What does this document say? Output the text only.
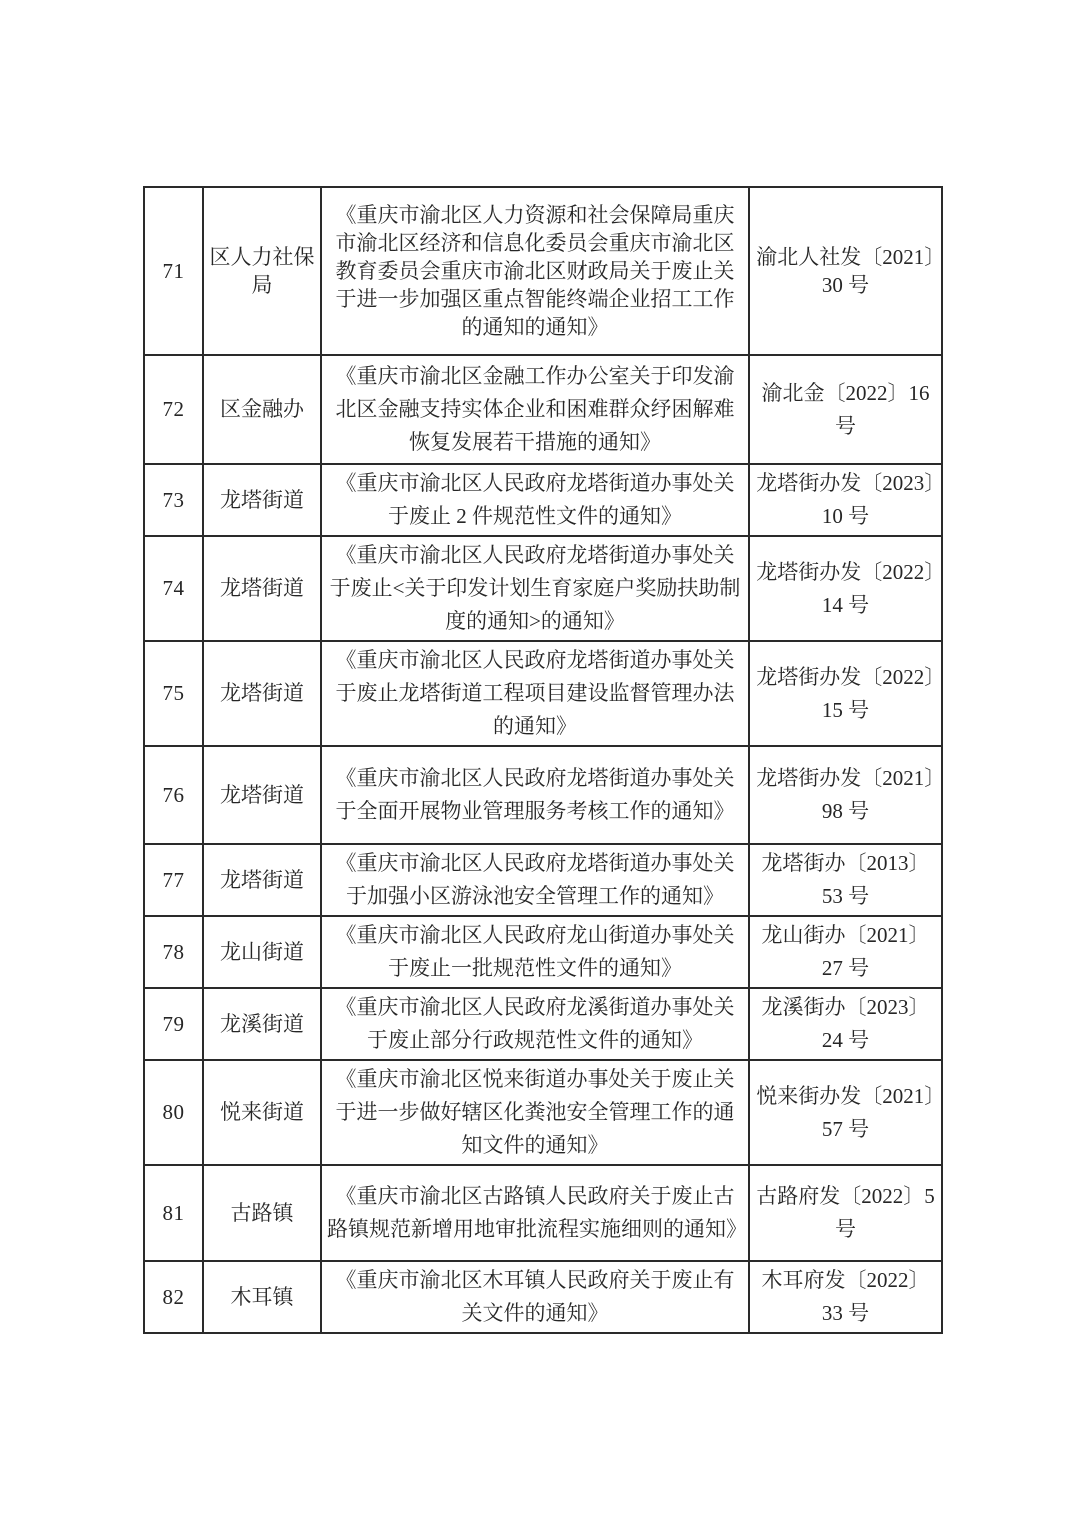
71	区人力社保局	《重庆市渝北区人力资源和社会保障局重庆市渝北区经济和信息化委员会重庆市渝北区教育委员会重庆市渝北区财政局关于废止关于进一步加强区重点智能终端企业招工工作的通知的通知》	渝北人社发〔2021〕30 号
72	区金融办	《重庆市渝北区金融工作办公室关于印发渝北区金融支持实体企业和困难群众纾困解难恢复发展若干措施的通知》	渝北金〔2022〕16 号
73	龙塔街道	《重庆市渝北区人民政府龙塔街道办事处关于废止 2 件规范性文件的通知》	龙塔街办发〔2023〕10 号
74	龙塔街道	《重庆市渝北区人民政府龙塔街道办事处关于废止<关于印发计划生育家庭户奖励扶助制度的通知>的通知》	龙塔街办发〔2022〕14 号
75	龙塔街道	《重庆市渝北区人民政府龙塔街道办事处关于废止龙塔街道工程项目建设监督管理办法的通知》	龙塔街办发〔2022〕15 号
76	龙塔街道	《重庆市渝北区人民政府龙塔街道办事处关于全面开展物业管理服务考核工作的通知》	龙塔街办发〔2021〕98 号
77	龙塔街道	《重庆市渝北区人民政府龙塔街道办事处关于加强小区游泳池安全管理工作的通知》	龙塔街办〔2013〕53 号
78	龙山街道	《重庆市渝北区人民政府龙山街道办事处关于废止一批规范性文件的通知》	龙山街办〔2021〕27 号
79	龙溪街道	《重庆市渝北区人民政府龙溪街道办事处关于废止部分行政规范性文件的通知》	龙溪街办〔2023〕24 号
80	悦来街道	《重庆市渝北区悦来街道办事处关于废止关于进一步做好辖区化粪池安全管理工作的通知文件的通知》	悦来街办发〔2021〕57 号
81	古路镇	《重庆市渝北区古路镇人民政府关于废止古路镇规范新增用地审批流程实施细则的通知》	古路府发〔2022〕5 号
82	木耳镇	《重庆市渝北区木耳镇人民政府关于废止有关文件的通知》	木耳府发〔2022〕33 号
